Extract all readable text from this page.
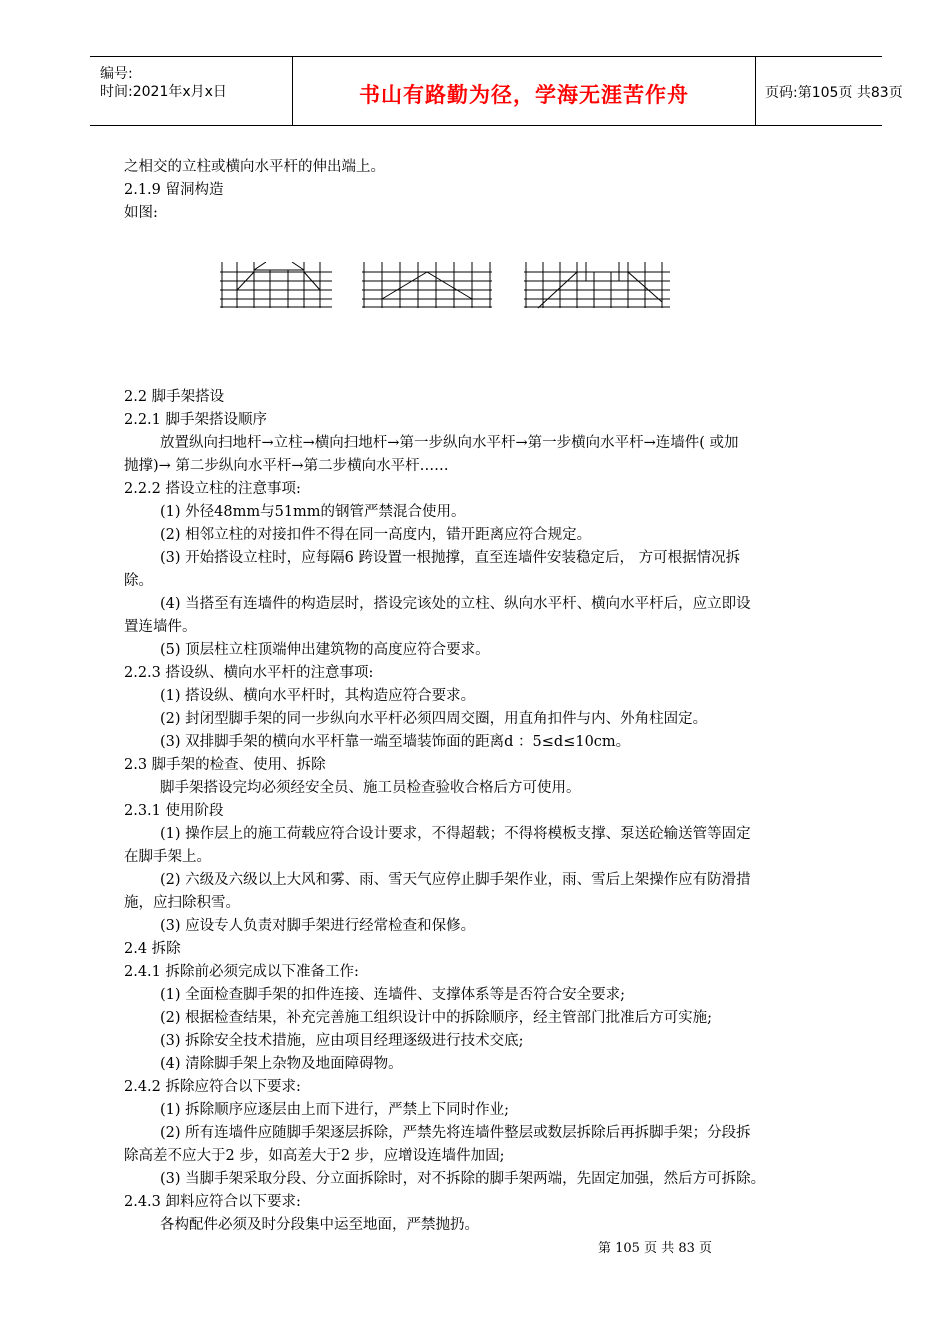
编号:
时间:2021年x月x日	书山有路勤为径，学海无涯苦作舟	页码:第105页 共83页
之相交的立柱或横向水平杆的伸出端上。
2.1.9 留洞构造
如图:
2.2 脚手架搭设
2.2.1 脚手架搭设顺序
放置纵向扫地杆→立柱→横向扫地杆→第一步纵向水平杆→第一步横向水平杆→连墙件( 或加
抛撑)→ 第二步纵向水平杆→第二步横向水平杆……
2.2.2 搭设立柱的注意事项:
(1) 外径48mm与51mm的钢管严禁混合使用。
(2) 相邻立柱的对接扣件不得在同一高度内，错开距离应符合规定。
(3) 开始搭设立柱时，应每隔6 跨设置一根抛撑，直至连墙件安装稳定后， 方可根据情况拆
除。
(4) 当搭至有连墙件的构造层时，搭设完该处的立柱、纵向水平杆、横向水平杆后，应立即设
置连墙件。
(5) 顶层柱立柱顶端伸出建筑物的高度应符合要求。
2.2.3 搭设纵、横向水平杆的注意事项:
(1) 搭设纵、横向水平杆时，其构造应符合要求。
(2) 封闭型脚手架的同一步纵向水平杆必须四周交圈，用直角扣件与内、外角柱固定。
(3) 双排脚手架的横向水平杆靠一端至墙装饰面的距离d ：5≤d≤10cm。
2.3 脚手架的检查、使用、拆除
脚手架搭设完均必须经安全员、施工员检查验收合格后方可使用。
2.3.1 使用阶段
(1) 操作层上的施工荷载应符合设计要求，不得超载；不得将模板支撑、泵送砼输送管等固定
在脚手架上。
(2) 六级及六级以上大风和雾、雨、雪天气应停止脚手架作业，雨、雪后上架操作应有防滑措
施，应扫除积雪。
(3) 应设专人负责对脚手架进行经常检查和保修。
2.4 拆除
2.4.1 拆除前必须完成以下准备工作:
(1) 全面检查脚手架的扣件连接、连墙件、支撑体系等是否符合安全要求;
(2) 根据检查结果，补充完善施工组织设计中的拆除顺序，经主管部门批准后方可实施;
(3) 拆除安全技术措施，应由项目经理逐级进行技术交底;
(4) 清除脚手架上杂物及地面障碍物。
2.4.2 拆除应符合以下要求:
(1) 拆除顺序应逐层由上而下进行，严禁上下同时作业;
(2) 所有连墙件应随脚手架逐层拆除，严禁先将连墙件整层或数层拆除后再拆脚手架；分段拆
除高差不应大于2 步，如高差大于2 步，应增设连墙件加固;
(3) 当脚手架采取分段、分立面拆除时，对不拆除的脚手架两端，先固定加强，然后方可拆除。
2.4.3 卸料应符合以下要求:
各构配件必须及时分段集中运至地面，严禁抛扔。
第 105 页 共 83 页
